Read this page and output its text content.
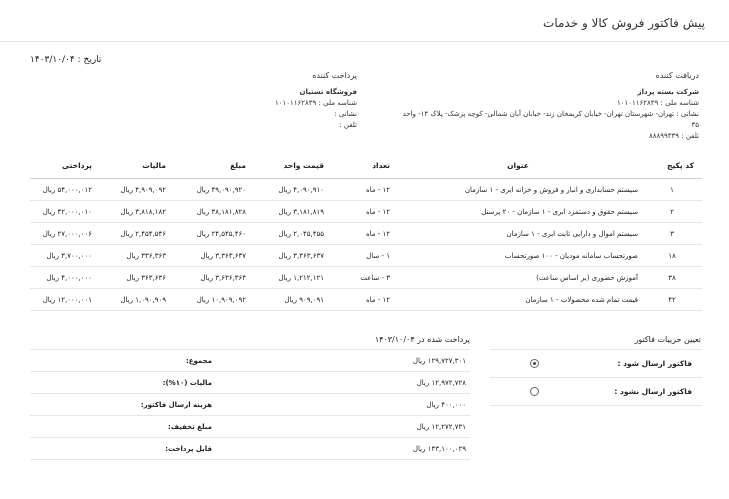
پیش فاکتور فروش کالا و خدمات
تاریخ : ۱۴۰۳/۱۰/۰۴
دریافت کننده
شرکت بسته پرداز
شناسه ملی : ۱۰۱۰۱۱۶۲۸۳۹
نشانی : تهران- شهرستان تهران- خیابان کریمخان زند- خیابان آبان شمالی- کوچه پزشک- پلاک ۱۴- واحد
۳۵
تلفن : ۸۸۸۹۹۳۳۹
پرداخت کننده
فروشگاه تستیان
شناسه ملی : ۱۰۱۰۱۱۶۲۸۳۹
نشانی :
تلفن :
کد پکیج	عنوان	تعداد	قیمت واحد	مبلغ	مالیات	پرداختی
۱	سیستم حسابداری و انبار و فروش و خزانه ابری - ۱ سازمان	۱۲ - ماه	۴,۰۹۰,۹۱۰ ریال	۴۹,۰۹۰,۹۲۰ ریال	۴,۹۰۹,۰۹۲ ریال	۵۴,۰۰۰,۰۱۲ ریال
۲	سیستم حقوق و دستمزد ابری - ۱ سازمان - ۲۰ پرسنل	۱۲ - ماه	۳,۱۸۱,۸۱۹ ریال	۳۸,۱۸۱,۸۲۸ ریال	۳,۸۱۸,۱۸۲ ریال	۴۲,۰۰۰,۰۱۰ ریال
۳	سیستم اموال و دارایی ثابت ابری - ۱ سازمان	۱۲ - ماه	۲,۰۴۵,۴۵۵ ریال	۲۴,۵۴۵,۴۶۰ ریال	۲,۴۵۴,۵۴۶ ریال	۲۷,۰۰۰,۰۰۶ ریال
۱۸	صورتحساب سامانه مودیان - ۱۰۰ صورتحساب	۱ - سال	۳,۳۶۳,۶۳۷ ریال	۳,۳۶۳,۶۳۷ ریال	۳۳۶,۳۶۳ ریال	۳,۷۰۰,۰۰۰ ریال
۳۸	آموزش حضوری (بر اساس ساعت)	۳ - ساعت	۱,۲۱۲,۱۲۱ ریال	۳,۶۳۶,۳۶۴ ریال	۳۶۳,۶۳۶ ریال	۴,۰۰۰,۰۰۰ ریال
۴۲	قیمت تمام شده محصولات - ۱ سازمان	۱۲ - ماه	۹۰۹,۰۹۱ ریال	۱۰,۹۰۹,۰۹۲ ریال	۱,۰۹۰,۹۰۹ ریال	۱۲,۰۰۰,۰۰۱ ریال
پرداخت شده در ۱۴۰۳/۱۰/۰۴
مجموع:	۱۲۹,۷۲۷,۳۰۱ ریال
مالیات (۱۰%):	۱۲,۹۷۲,۷۲۸ ریال
هزینه ارسال فاکتور:	۴۰۰,۰۰۰ ریال
مبلغ تخفیف:	۱۲,۲۷۲,۷۳۱ ریال
قابل پرداخت:	۱۴۳,۱۰۰,۰۲۹ ریال
تعیین جزییات فاکتور
فاکتور ارسال شود :	
فاکتور ارسال نشود :	
